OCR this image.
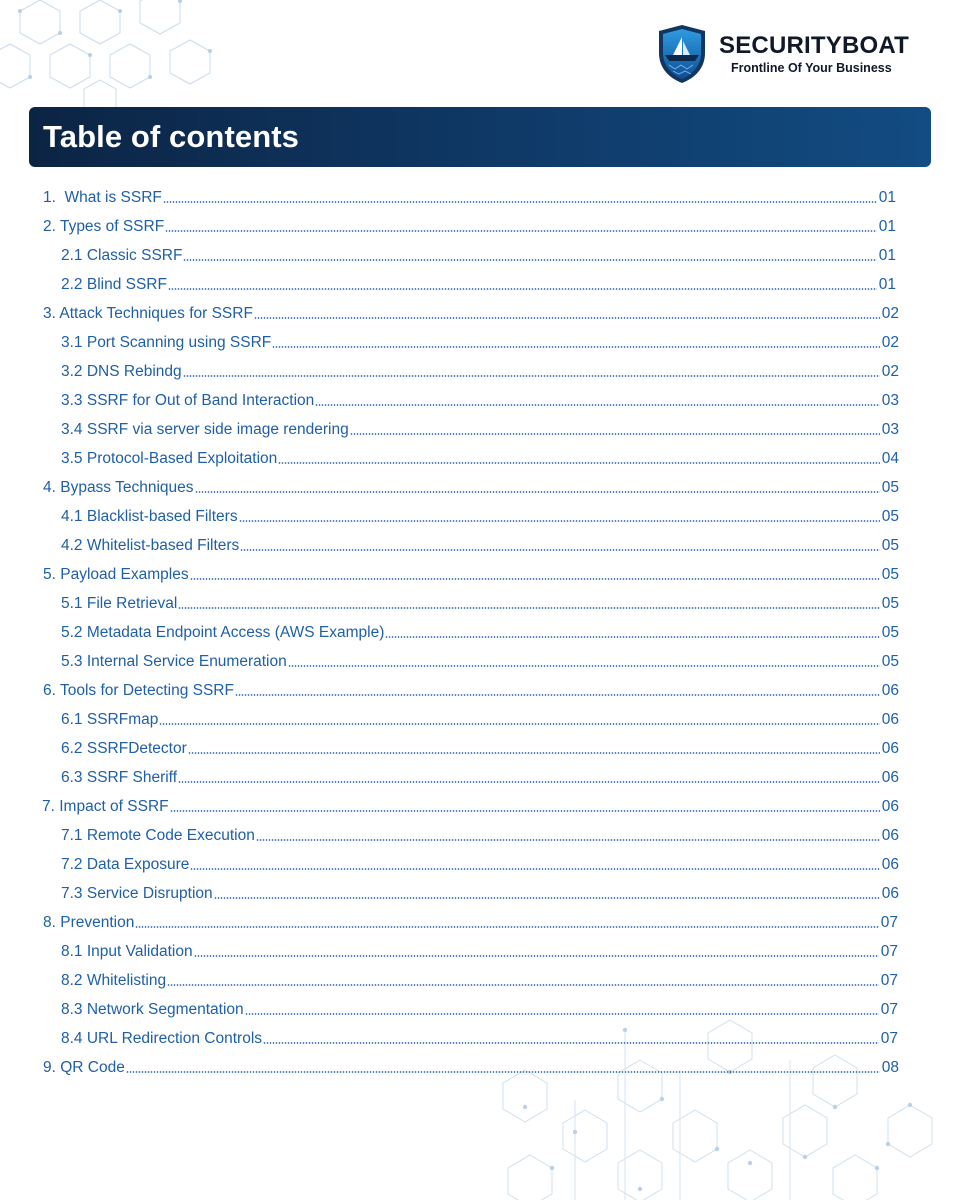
SECURITYBOAT
Frontline Of Your Business
Table of contents
1.  What is SSRF	01
2. Types of SSRF	01
2.1 Classic SSRF	01
2.2 Blind SSRF	01
3. Attack Techniques for SSRF	02
3.1 Port Scanning using SSRF	02
3.2 DNS Rebindg	02
3.3 SSRF for Out of Band Interaction	03
3.4 SSRF via server side image rendering	03
3.5 Protocol-Based Exploitation	04
4. Bypass Techniques	05
4.1 Blacklist-based Filters	05
4.2 Whitelist-based Filters	05
5. Payload Examples	05
5.1 File Retrieval	05
5.2 Metadata Endpoint Access (AWS Example)	05
5.3 Internal Service Enumeration	05
6. Tools for Detecting SSRF	06
6.1 SSRFmap	06
6.2 SSRFDetector	06
6.3 SSRF Sheriff	06
7. Impact of SSRF	06
7.1 Remote Code Execution	06
7.2 Data Exposure	06
7.3 Service Disruption	06
8. Prevention	07
8.1 Input Validation	07
8.2 Whitelisting	07
8.3 Network Segmentation	07
8.4 URL Redirection Controls	07
9. QR Code	08
